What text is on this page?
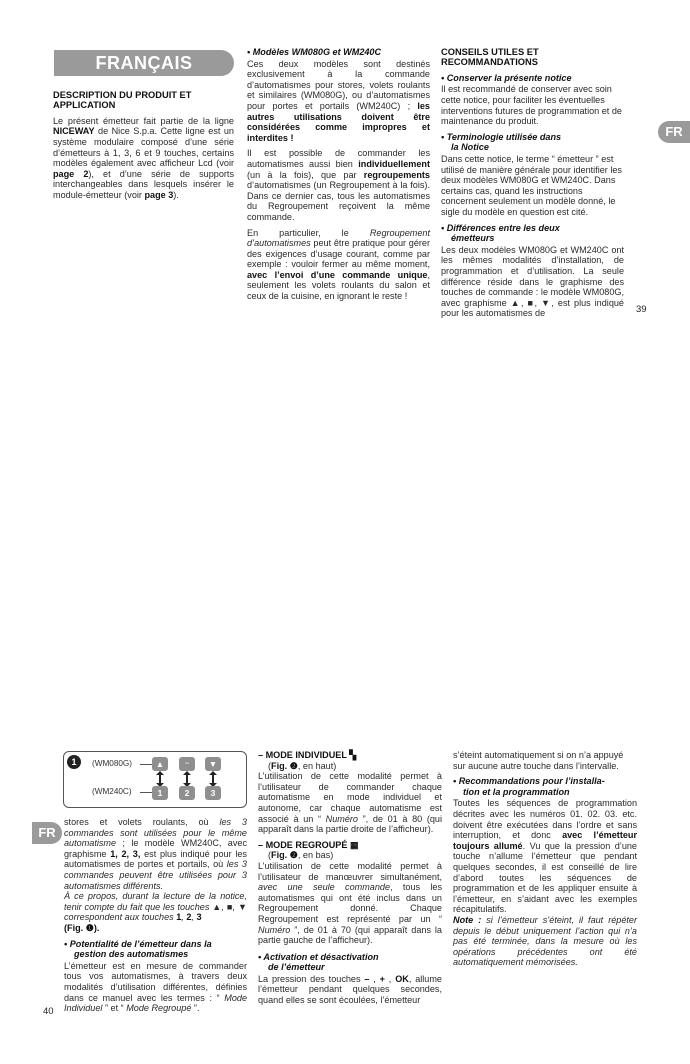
FRANÇAIS
FR
39
DESCRIPTION DU PRODUIT ET APPLICATION

Le présent émetteur fait partie de la ligne NICEWAY de Nice S.p.a. Cette ligne est un système modulaire composé d’une série d’émetteurs à 1, 3, 6 et 9 touches, certains modèles également avec afficheur Lcd (voir page 2), et d’une série de supports interchangeables dans lesquels insérer le module-émetteur (voir page 3).

• Modèles WM080G et WM240C

Ces deux modèles sont destinés exclusivement à la commande d’automatismes pour stores, volets roulants et similaires (WM080G), ou d’automatismes pour portes et portails (WM240C) ; les autres utilisations doivent être considérées comme impropres et interdites !

Il est possible de commander les automatismes aussi bien individuellement (un à la fois), que par regroupements d’automatismes (un Regroupement à la fois). Dans ce dernier cas, tous les automatismes du Regroupement reçoivent la même commande.

En particulier, le Regroupement d’automatismes peut être pratique pour gérer des exigences d’usage courant, comme par exemple : vouloir fermer au même moment, avec l’envoi d’une commande unique, seulement les volets roulants du salon et ceux de la cuisine, en ignorant le reste !

CONSEILS UTILES ET RECOMMANDATIONS
• Conserver la présente notice

Il est recommandé de conserver avec soin cette notice, pour faciliter les éventuelles interventions futures de programmation et de maintenance du produit.

• Terminologie utilisée dans
la Notice

Dans cette notice, le terme “ émetteur ” est utilisé de manière générale pour identifier les deux modèles WM080G et WM240C. Dans certains cas, quand les instructions concernent seulement un modèle donné, le sigle du modèle en question est cité.

• Différences entre les deux
émetteurs

Les deux modèles WM080G et WM240C ont les mêmes modalités d’installation, de programmation et d’utilisation. La seule différence réside dans le graphisme des touches de commande : le modèle WM080G, avec graphisme ▲, ■, ▼, est plus indiqué pour les automatismes de

1	(WM080G)
(WM240C)
▲	▫▫	▼
1	2	3
FR
40

stores et volets roulants, où les 3 commandes sont utilisées pour le même automatisme ; le modèle WM240C, avec graphisme 1, 2, 3, est plus indiqué pour les automatismes de portes et portails, où les 3 commandes peuvent être utilisées pour 3 automatismes différents.

À ce propos, durant la lecture de la notice, tenir compte du fait que les touches ▲, ■, ▼ correspondent aux touches 1, 2, 3
(Fig. ❶).

• Potentialité de l’émetteur dans la
gestion des automatismes

L’émetteur est en mesure de commander tous vos automatismes, à travers deux modalités d’utilisation différentes, définies dans ce manuel avec les termes : “ Mode Individuel ” et “ Mode Regroupé ”.

– MODE INDIVIDUEL ▚
(Fig. ❷, en haut)

L’utilisation de cette modalité permet à l’utilisateur de commander chaque automatisme en mode individuel et autonome, car chaque automatisme est associé à un “ Numéro ”, de 01 à 80 (qui apparaît dans la partie droite de l’afficheur).

– MODE REGROUPÉ ▦
(Fig. ❷, en bas)

L’utilisation de cette modalité permet à l’utilisateur de manœuvrer simultanément, avec une seule commande, tous les automatismes qui ont été inclus dans un Regroupement donné. Chaque Regroupement est représenté par un “ Numéro ”, de 01 à 70 (qui apparaît dans la partie gauche de l’afficheur).

• Activation et désactivation
de l’émetteur

La pression des touches – , + , OK, allume l’émetteur pendant quelques secondes, quand elles se sont écoulées, l’émetteur

s’éteint automatiquement si on n’a appuyé sur aucune autre touche dans l’intervalle.

• Recommandations pour l’installa-
tion et la programmation

Toutes les séquences de programmation décrites avec les numéros 01. 02. 03. etc. doivent être exécutées dans l’ordre et sans interruption, et donc avec l’émetteur toujours allumé. Vu que la pression d’une touche n’allume l’émetteur que pendant quelques secondes, il est conseillé de lire d’abord toutes les séquences de programmation et de les appliquer ensuite à l’émetteur, en s’aidant avec les exemples récapitulatifs.

Note : si l’émetteur s’éteint, il faut répéter depuis le début uniquement l’action qui n’a pas été terminée, dans la mesure où les opérations précédentes ont été automatiquement mémorisées.
